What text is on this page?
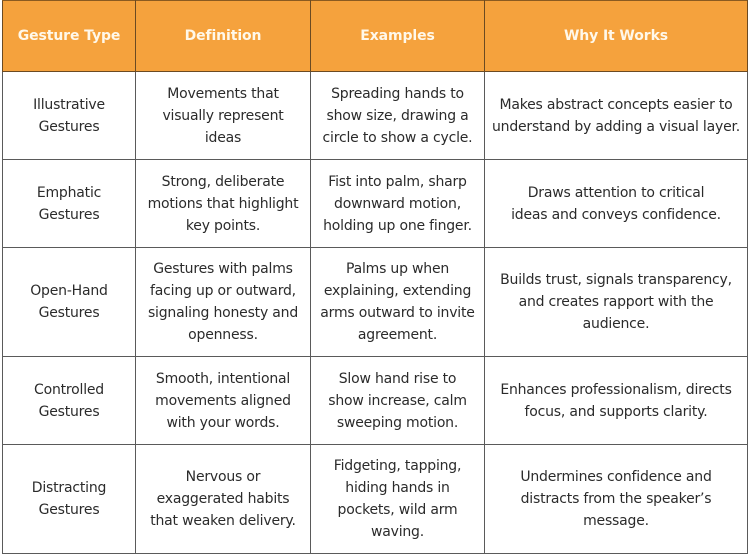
Gesture Type	Definition	Examples	Why It Works
Illustrative Gestures	Movements that visually represent ideas	Spreading hands to show size, drawing a circle to show a cycle.	Makes abstract concepts easier to understand by adding a visual layer.
Emphatic Gestures	Strong, deliberate motions that highlight key points.	Fist into palm, sharp downward motion, holding up one finger.	Draws attention to critical ideas and conveys confidence.
Open-Hand Gestures	Gestures with palms facing up or outward, signaling honesty and openness.	Palms up when explaining, extending arms outward to invite agreement.	Builds trust, signals transparency, and creates rapport with the audience.
Controlled Gestures	Smooth, intentional movements aligned with your words.	Slow hand rise to show increase, calm sweeping motion.	Enhances professionalism, directs focus, and supports clarity.
Distracting Gestures	Nervous or exaggerated habits that weaken delivery.	Fidgeting, tapping, hiding hands in pockets, wild arm waving.	Undermines confidence and distracts from the speaker’s message.
